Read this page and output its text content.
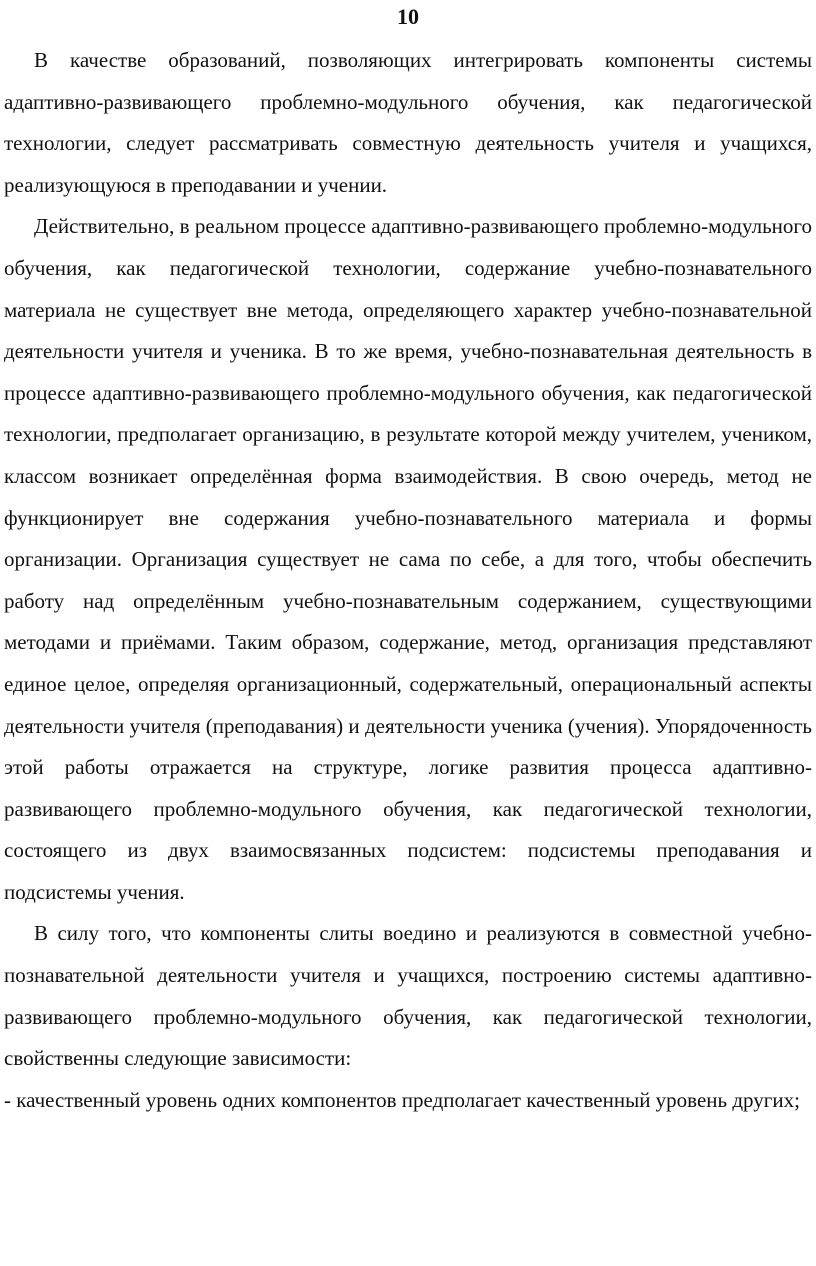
10

В качестве образований, позволяющих интегрировать компоненты системы адаптивно-развивающего проблемно-модульного обучения, как педагогической технологии, следует рассматривать совместную деятельность учителя и учащихся, реализующуюся в преподавании и учении.

Действительно, в реальном процессе адаптивно-развивающего проблемно-модульного обучения, как педагогической технологии, содержание учебно-познавательного материала не существует вне метода, определяющего характер учебно-познавательной деятельности учителя и ученика. В то же время, учебно-познавательная деятельность в процессе адаптивно-развивающего проблемно-модульного обучения, как педагогической технологии, предполагает организацию, в результате которой между учителем, учеником, классом возникает определённая форма взаимодействия. В свою очередь, метод не функционирует вне содержания учебно-познавательного материала и формы организации. Организация существует не сама по себе, а для того, чтобы обеспечить работу над определённым учебно-познавательным содержанием, существующими методами и приёмами. Таким образом, содержание, метод, организация представляют единое целое, определяя организационный, содержательный, операциональный аспекты деятельности учителя (преподавания) и деятельности ученика (учения). Упорядоченность этой работы отражается на структуре, логике развития процесса адаптивно-развивающего проблемно-модульного обучения, как педагогической технологии, состоящего из двух взаимосвязанных подсистем: подсистемы преподавания и подсистемы учения.

В силу того, что компоненты слиты воедино и реализуются в совместной учебно-познавательной деятельности учителя и учащихся, построению системы адаптивно-развивающего проблемно-модульного обучения, как педагогической технологии, свойственны следующие зависимости:

- качественный уровень одних компонентов предполагает качественный уровень других;
